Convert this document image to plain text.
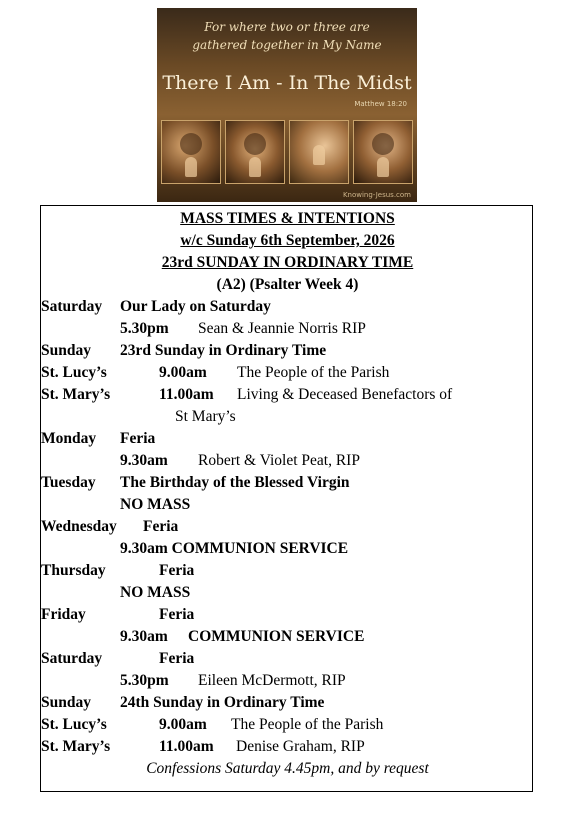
For where two or three are
gathered together in My Name
There I Am - In The Midst
Matthew 18:20
Knowing-Jesus.com
MASS TIMES & INTENTIONS
w/c Sunday 6th September, 2026
23rd SUNDAY IN ORDINARY TIME
(A2) (Psalter Week 4)
Saturday Our Lady on Saturday
5.30pm Sean & Jeannie Norris RIP
Sunday 23rd Sunday in Ordinary Time
St. Lucy’s	9.00am The People of the Parish
St. Mary’s	11.00am Living & Deceased Benefactors of
St Mary’s
Monday Feria
9.30am Robert & Violet Peat, RIP
Tuesday The Birthday of the Blessed Virgin
NO MASS
Wednesday Feria
9.30am COMMUNION SERVICE
Thursday	Feria
NO MASS
Friday	Feria
9.30am COMMUNION SERVICE
Saturday	Feria
5.30pm Eileen McDermott, RIP
Sunday 24th Sunday in Ordinary Time
St. Lucy’s	9.00am The People of the Parish
St. Mary’s	11.00am Denise Graham, RIP
Confessions Saturday 4.45pm, and by request
